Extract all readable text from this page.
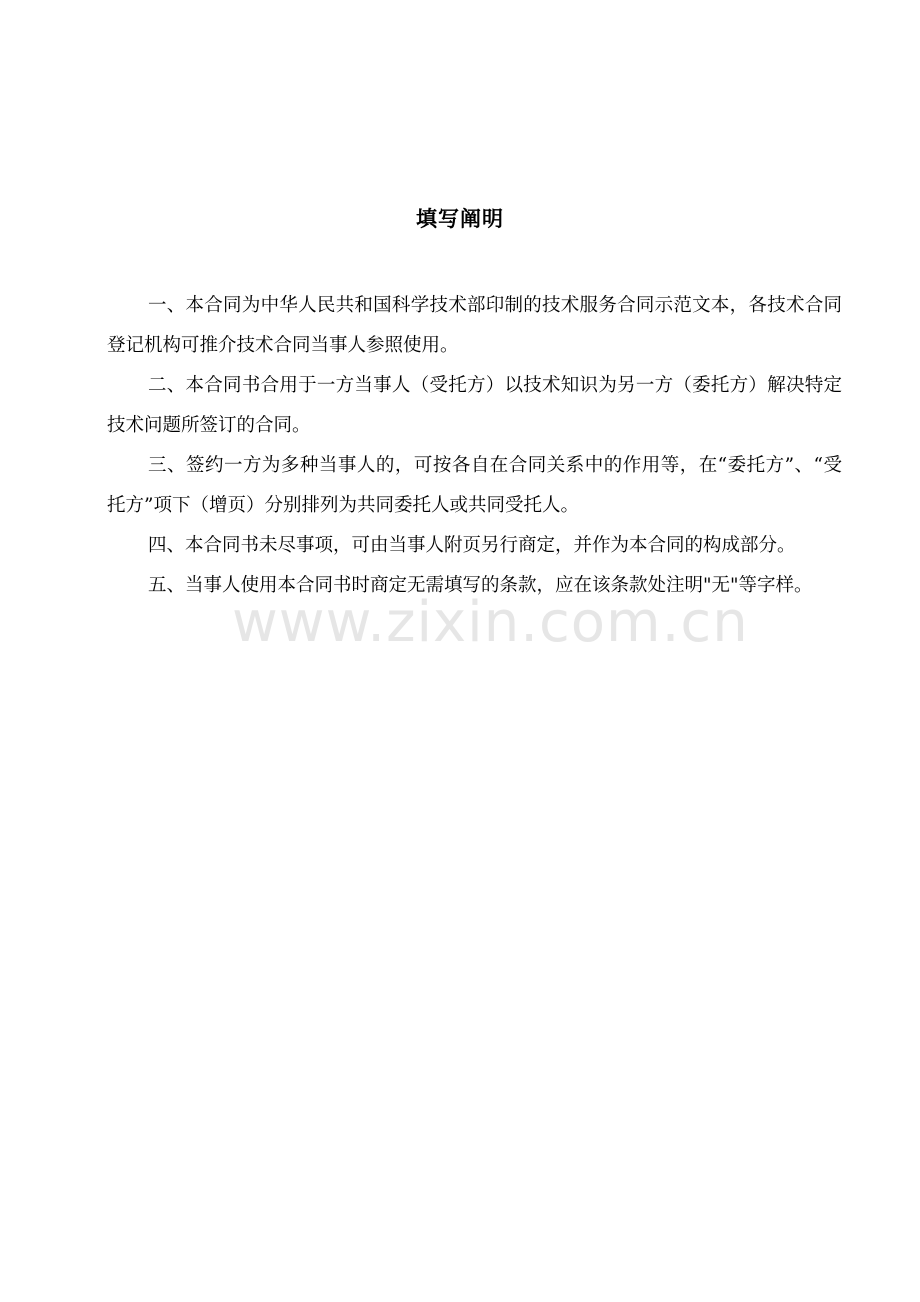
www.zixin.com.cn
填写阐明

一、本合同为中华人民共和国科学技术部印制的技术服务合同示范文本，各技术合同登记机构可推介技术合同当事人参照使用。

二、本合同书合用于一方当事人（受托方）以技术知识为另一方（委托方）解决特定技术问题所签订的合同。

三、签约一方为多种当事人的，可按各自在合同关系中的作用等，在“委托方”、“受托方”项下（增页）分别排列为共同委托人或共同受托人。

四、本合同书未尽事项，可由当事人附页另行商定，并作为本合同的构成部分。

五、当事人使用本合同书时商定无需填写的条款，应在该条款处注明"无"等字样。
